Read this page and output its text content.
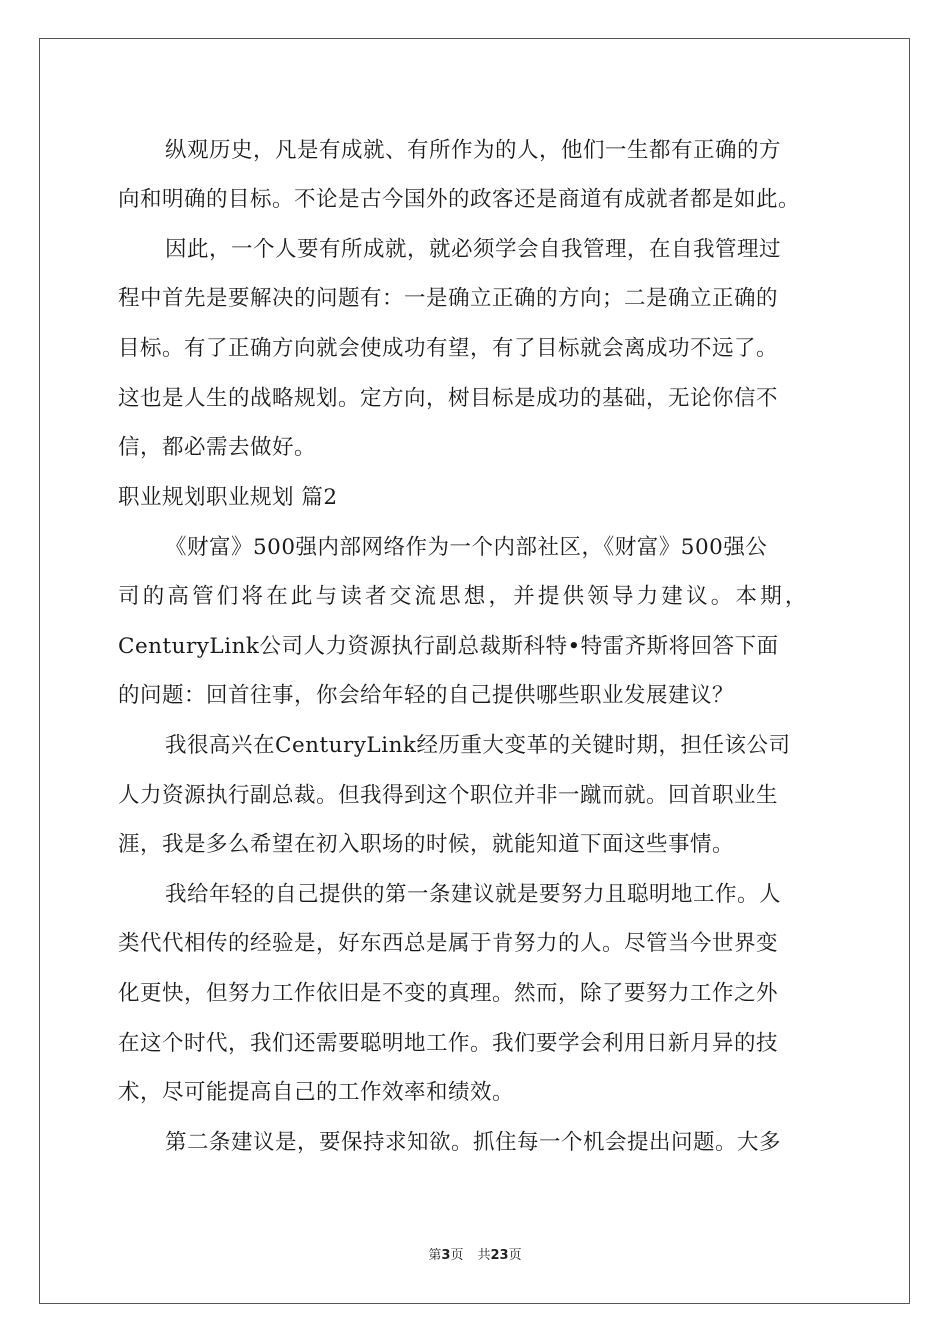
纵观历史，凡是有成就、有所作为的人，他们一生都有正确的方
向和明确的目标。不论是古今国外的政客还是商道有成就者都是如此。
因此，一个人要有所成就，就必须学会自我管理，在自我管理过
程中首先是要解决的问题有：一是确立正确的方向；二是确立正确的
目标。有了正确方向就会使成功有望，有了目标就会离成功不远了。
这也是人生的战略规划。定方向，树目标是成功的基础，无论你信不
信，都必需去做好。
职业规划职业规划 篇2
《财富》500强内部网络作为一个内部社区，《财富》500强公
司的高管们将在此与读者交流思想，并提供领导力建议。本期，
CenturyLink公司人力资源执行副总裁斯科特•特雷齐斯将回答下面
的问题：回首往事，你会给年轻的自己提供哪些职业发展建议？
我很高兴在CenturyLink经历重大变革的关键时期，担任该公司
人力资源执行副总裁。但我得到这个职位并非一蹴而就。回首职业生
涯，我是多么希望在初入职场的时候，就能知道下面这些事情。
我给年轻的自己提供的第一条建议就是要努力且聪明地工作。人
类代代相传的经验是，好东西总是属于肯努力的人。尽管当今世界变
化更快，但努力工作依旧是不变的真理。然而，除了要努力工作之外
在这个时代，我们还需要聪明地工作。我们要学会利用日新月异的技
术，尽可能提高自己的工作效率和绩效。
第二条建议是，要保持求知欲。抓住每一个机会提出问题。大多
第3页 共23页
